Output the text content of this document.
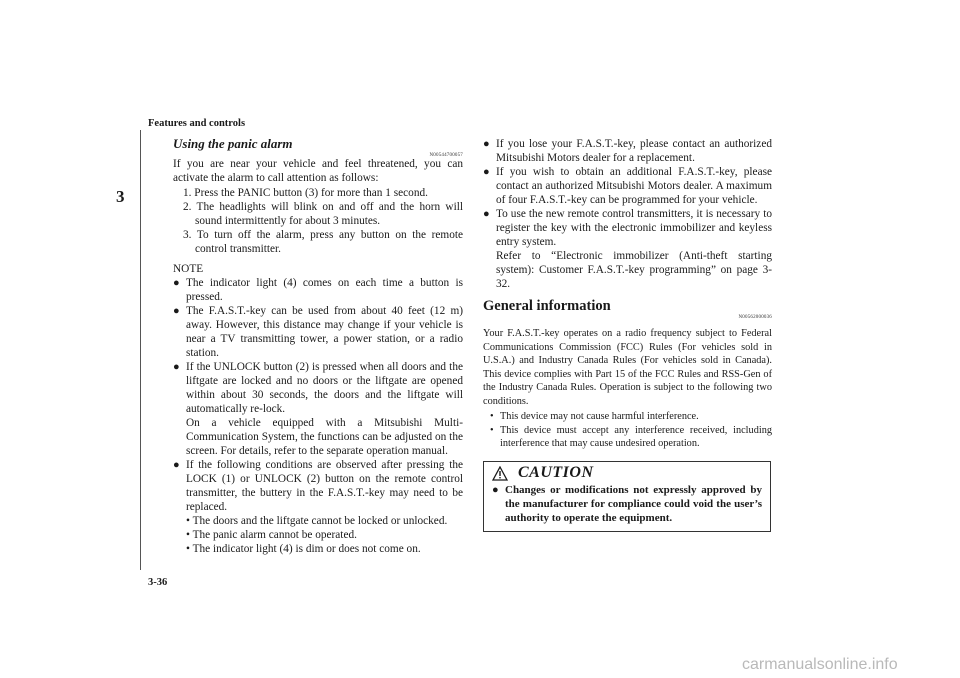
Features and controls
3
3-36
Using the panic alarm
N00544700057

If you are near your vehicle and feel threatened, you can activate the alarm to call attention as follows:

1. Press the PANIC button (3) for more than 1 second.
2. The headlights will blink on and off and the horn will sound intermittently for about 3 minutes.
3. To turn off the alarm, press any button on the remote control transmitter.
NOTE
● The indicator light (4) comes on each time a button is pressed.
● The F.A.S.T.-key can be used from about 40 feet (12 m) away. However, this distance may change if your vehicle is near a TV transmitting tower, a power station, or a radio station.
● If the UNLOCK button (2) is pressed when all doors and the liftgate are locked and no doors or the liftgate are opened within about 30 seconds, the doors and the liftgate will automatically re-lock.
On a vehicle equipped with a Mitsubishi Multi-Communication System, the functions can be adjusted on the screen. For details, refer to the separate operation manual.
● If the following conditions are observed after pressing the LOCK (1) or UNLOCK (2) button on the remote control transmitter, the buttery in the F.A.S.T.-key may need to be replaced.
• The doors and the liftgate cannot be locked or unlocked.
• The panic alarm cannot be operated.
• The indicator light (4) is dim or does not come on.
● If you lose your F.A.S.T.-key, please contact an authorized Mitsubishi Motors dealer for a replacement.
● If you wish to obtain an additional F.A.S.T.-key, please contact an authorized Mitsubishi Motors dealer. A maximum of four F.A.S.T.-key can be programmed for your vehicle.
● To use the new remote control transmitters, it is necessary to register the key with the electronic immobilizer and keyless entry system.
Refer to “Electronic immobilizer (Anti-theft starting system): Customer F.A.S.T.-key programming” on page 3-32.
General information
N00562000036

Your F.A.S.T.-key operates on a radio frequency subject to Federal Communications Commission (FCC) Rules (For vehicles sold in U.S.A.) and Industry Canada Rules (For vehicles sold in Canada). This device complies with Part 15 of the FCC Rules and RSS-Gen of the Industry Canada Rules. Operation is subject to the following two conditions.

• This device may not cause harmful interference.
• This device must accept any interference received, including interference that may cause undesired operation.
CAUTION
● Changes or modifications not expressly approved by the manufacturer for compliance could void the user’s authority to operate the equipment.
carmanualsonline.info
